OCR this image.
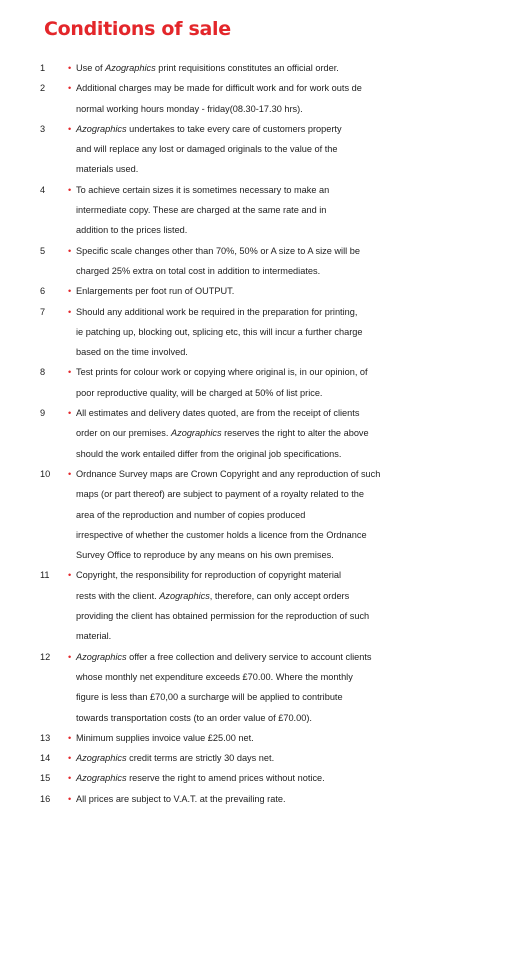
Conditions of sale
1	• Use of Azographics print requisitions constitutes an official order.
2	• Additional charges may be made for difficult work and for work outs de
normal working hours monday - friday(08.30-17.30 hrs).
3	• Azographics undertakes to take every care of customers property
and will replace any lost or damaged originals to the value of the
materials used.
4	• To achieve certain sizes it is sometimes necessary to make an
intermediate copy. These are charged at the same rate and in
addition to the prices listed.
5	• Specific scale changes other than 70%, 50% or A size to A size will be
charged 25% extra on total cost in addition to intermediates.
6	• Enlargements per foot run of OUTPUT.
7	• Should any additional work be required in the preparation for printing,
ie patching up, blocking out, splicing etc, this will incur a further charge
based on the time involved.
8	• Test prints for colour work or copying where original is, in our opinion, of
poor reproductive quality, will be charged at 50% of list price.
9	• All estimates and delivery dates quoted, are from the receipt of clients
order on our premises. Azographics reserves the right to alter the above
should the work entailed differ from the original job specifications.
10	• Ordnance Survey maps are Crown Copyright and any reproduction of such
maps (or part thereof) are subject to payment of a royalty related to the
area of the reproduction and number of copies produced
irrespective of whether the customer holds a licence from the Ordnance
Survey Office to reproduce by any means on his own premises.
11	• Copyright, the responsibility for reproduction of copyright material
rests with the client. Azographics, therefore, can only accept orders
providing the client has obtained permission for the reproduction of such
material.
12	• Azographics offer a free collection and delivery service to account clients
whose monthly net expenditure exceeds £70.00. Where the monthly
figure is less than £70,00 a surcharge will be applied to contribute
towards transportation costs (to an order value of £70.00).
13	• Minimum supplies invoice value £25.00 net.
14	• Azographics credit terms are strictly 30 days net.
15	• Azographics reserve the right to amend prices without notice.
16	• All prices are subject to V.A.T. at the prevailing rate.
